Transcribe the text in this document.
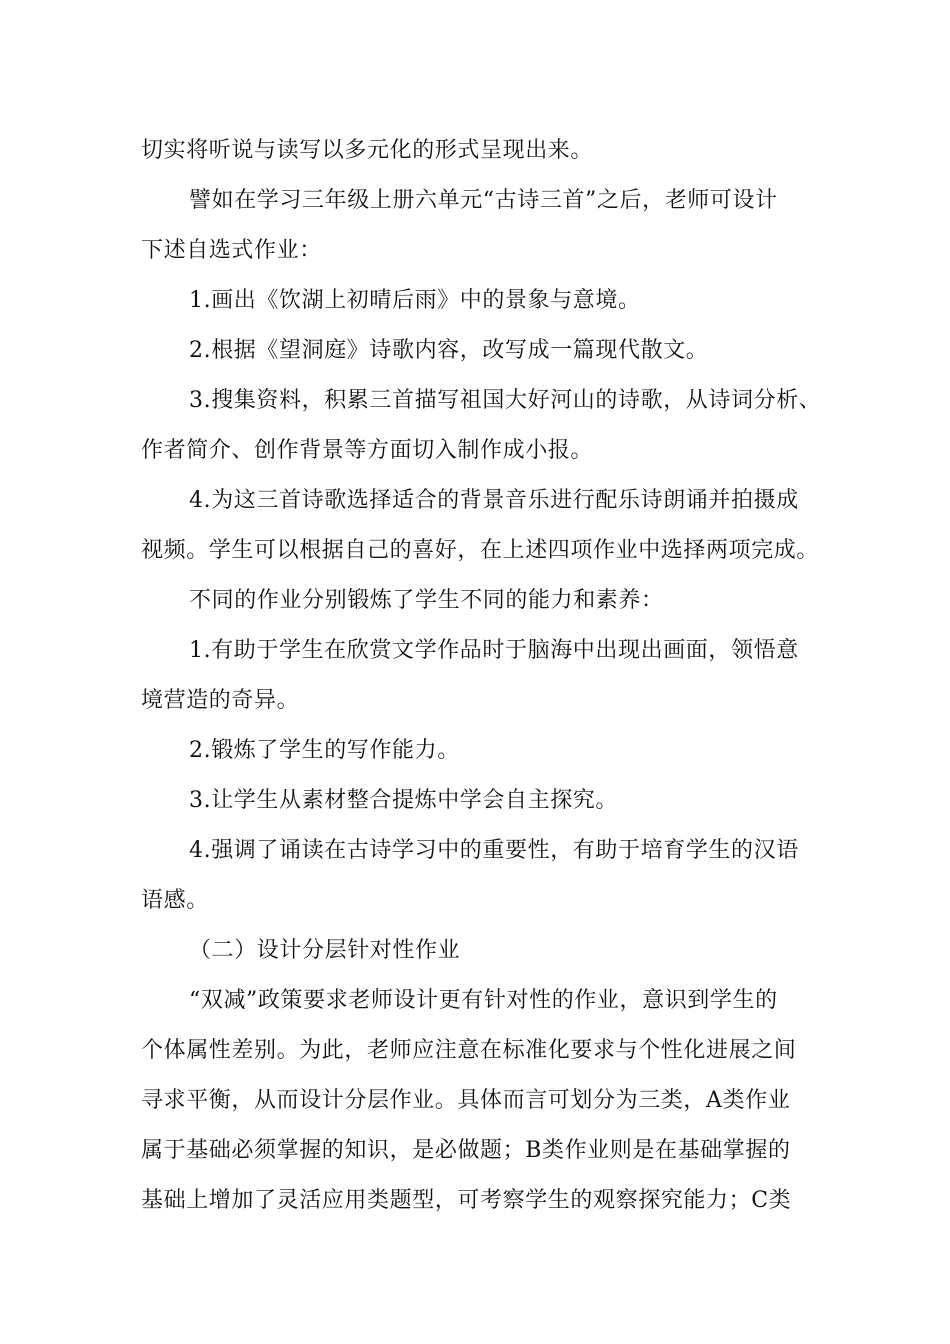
切实将听说与读写以多元化的形式呈现出来。
譬如在学习三年级上册六单元“古诗三首”之后，老师可设计
下述自选式作业：
1.画出《饮湖上初晴后雨》中的景象与意境。
2.根据《望洞庭》诗歌内容，改写成一篇现代散文。
3.搜集资料，积累三首描写祖国大好河山的诗歌，从诗词分析、
作者简介、创作背景等方面切入制作成小报。
4.为这三首诗歌选择适合的背景音乐进行配乐诗朗诵并拍摄成
视频。学生可以根据自己的喜好，在上述四项作业中选择两项完成。
不同的作业分别锻炼了学生不同的能力和素养：
1.有助于学生在欣赏文学作品时于脑海中出现出画面，领悟意
境营造的奇异。
2.锻炼了学生的写作能力。
3.让学生从素材整合提炼中学会自主探究。
4.强调了诵读在古诗学习中的重要性，有助于培育学生的汉语
语感。
（二）设计分层针对性作业
“双减”政策要求老师设计更有针对性的作业，意识到学生的
个体属性差别。为此，老师应注意在标准化要求与个性化进展之间
寻求平衡，从而设计分层作业。具体而言可划分为三类，A类作业
属于基础必须掌握的知识，是必做题；B类作业则是在基础掌握的
基础上增加了灵活应用类题型，可考察学生的观察探究能力；C类
